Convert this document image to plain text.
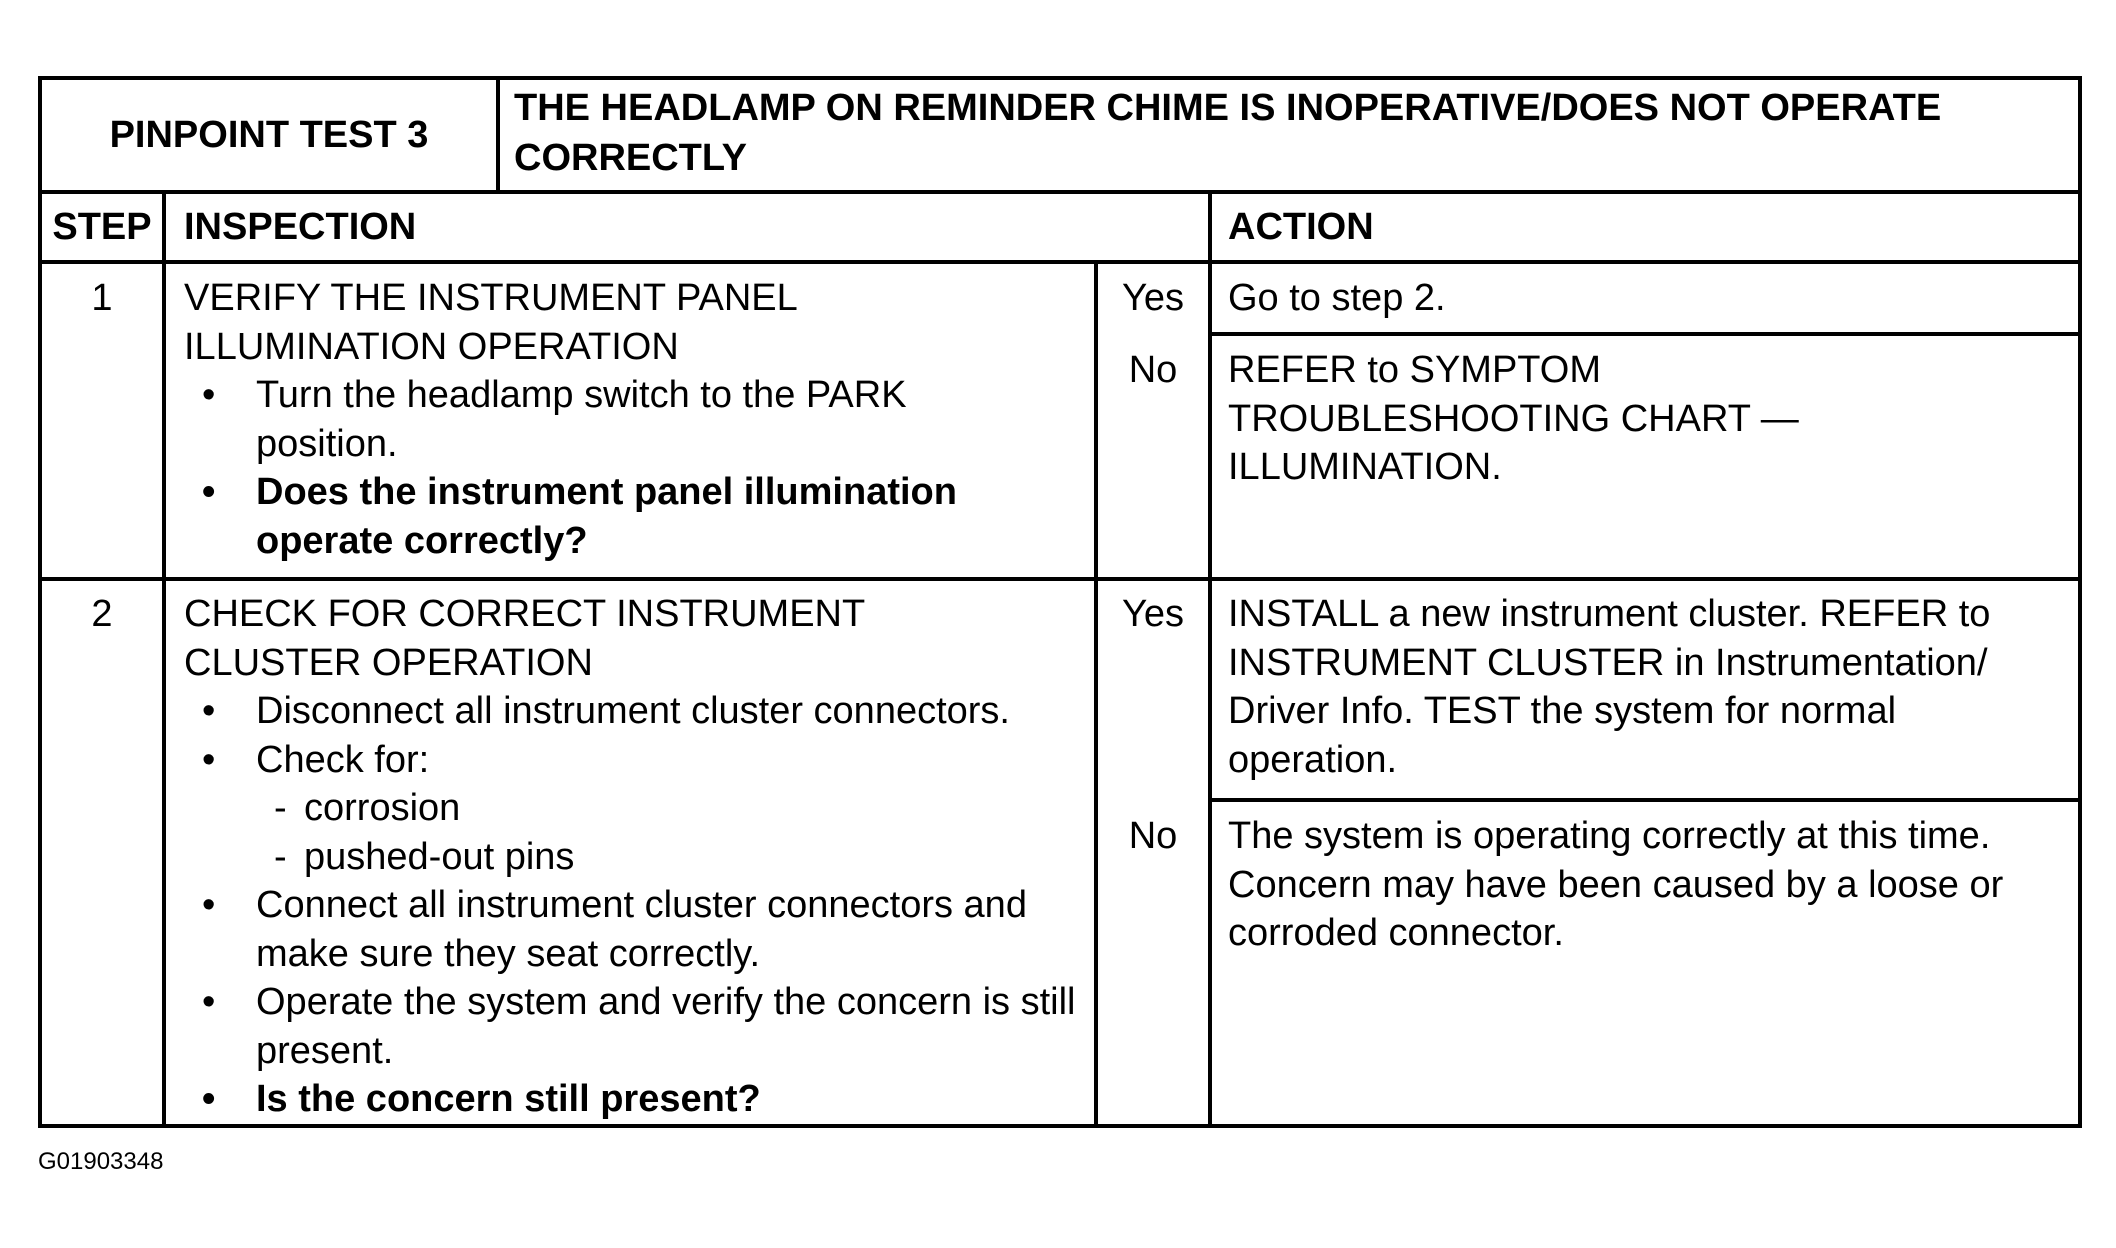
PINPOINT TEST 3
THE HEADLAMP ON REMINDER CHIME IS INOPERATIVE/DOES NOT OPERATE CORRECTLY
STEP INSPECTION	ACTION
1	VERIFY THE INSTRUMENT PANEL ILLUMINATION OPERATION
• Turn the headlamp switch to the PARK position.
• Does the instrument panel illumination operate correctly?
Yes	Go to step 2.
No	REFER to SYMPTOM TROUBLESHOOTING CHART — ILLUMINATION.
2	CHECK FOR CORRECT INSTRUMENT CLUSTER OPERATION
• Disconnect all instrument cluster connectors.
• Check for:
- corrosion
- pushed-out pins
• Connect all instrument cluster connectors and make sure they seat correctly.
• Operate the system and verify the concern is still present.
• Is the concern still present?
Yes	INSTALL a new instrument cluster. REFER to INSTRUMENT CLUSTER in Instrumentation/ Driver Info. TEST the system for normal operation.
No	The system is operating correctly at this time. Concern may have been caused by a loose or corroded connector.
G01903348
